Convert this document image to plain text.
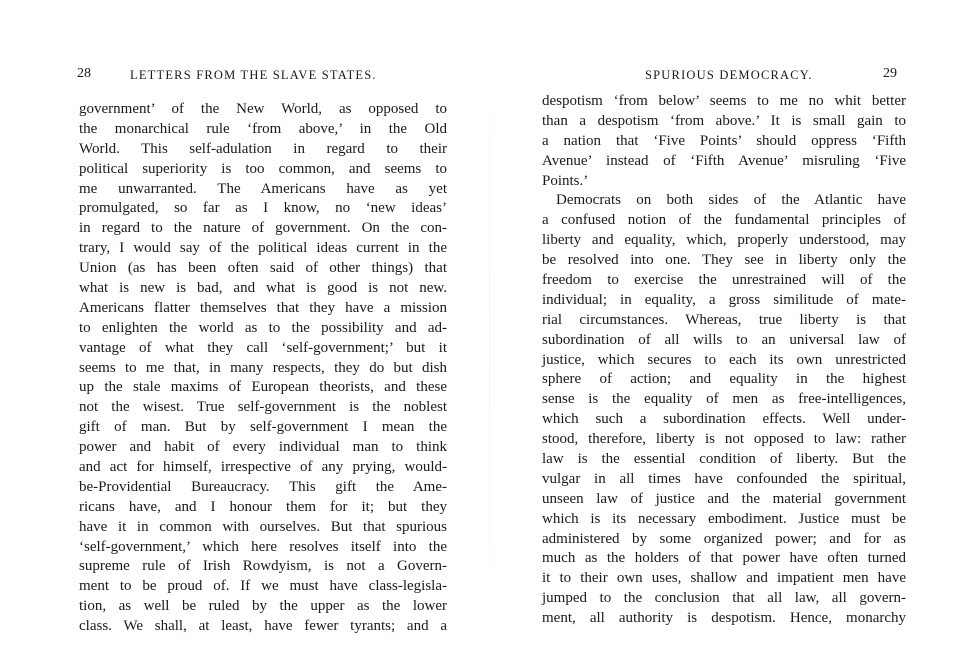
28	LETTERS FROM THE SLAVE STATES.
government’ of the New World, as opposed to
the monarchical rule ‘from above,’ in the Old
World. This self-adulation in regard to their
political superiority is too common, and seems to
me unwarranted. The Americans have as yet
promulgated, so far as I know, no ‘new ideas’
in regard to the nature of government. On the con-
trary, I would say of the political ideas current in the
Union (as has been often said of other things) that
what is new is bad, and what is good is not new.
Americans flatter themselves that they have a mission
to enlighten the world as to the possibility and ad-
vantage of what they call ‘self-government;’ but it
seems to me that, in many respects, they do but dish
up the stale maxims of European theorists, and these
not the wisest. True self-government is the noblest
gift of man. But by self-government I mean the
power and habit of every individual man to think
and act for himself, irrespective of any prying, would-
be-Providential Bureaucracy. This gift the Ame-
ricans have, and I honour them for it; but they
have it in common with ourselves. But that spurious
‘self-government,’ which here resolves itself into the
supreme rule of Irish Rowdyism, is not a Govern-
ment to be proud of. If we must have class-legisla-
tion, as well be ruled by the upper as the lower
class. We shall, at least, have fewer tyrants; and a
SPURIOUS DEMOCRACY.	29
despotism ‘from below’ seems to me no whit better
than a despotism ‘from above.’ It is small gain to
a nation that ‘Five Points’ should oppress ‘Fifth
Avenue’ instead of ‘Fifth Avenue’ misruling ‘Five
Points.’
Democrats on both sides of the Atlantic have
a confused notion of the fundamental principles of
liberty and equality, which, properly understood, may
be resolved into one. They see in liberty only the
freedom to exercise the unrestrained will of the
individual; in equality, a gross similitude of mate-
rial circumstances. Whereas, true liberty is that
subordination of all wills to an universal law of
justice, which secures to each its own unrestricted
sphere of action; and equality in the highest
sense is the equality of men as free-intelligences,
which such a subordination effects. Well under-
stood, therefore, liberty is not opposed to law: rather
law is the essential condition of liberty. But the
vulgar in all times have confounded the spiritual,
unseen law of justice and the material government
which is its necessary embodiment. Justice must be
administered by some organized power; and for as
much as the holders of that power have often turned
it to their own uses, shallow and impatient men have
jumped to the conclusion that all law, all govern-
ment, all authority is despotism. Hence, monarchy
